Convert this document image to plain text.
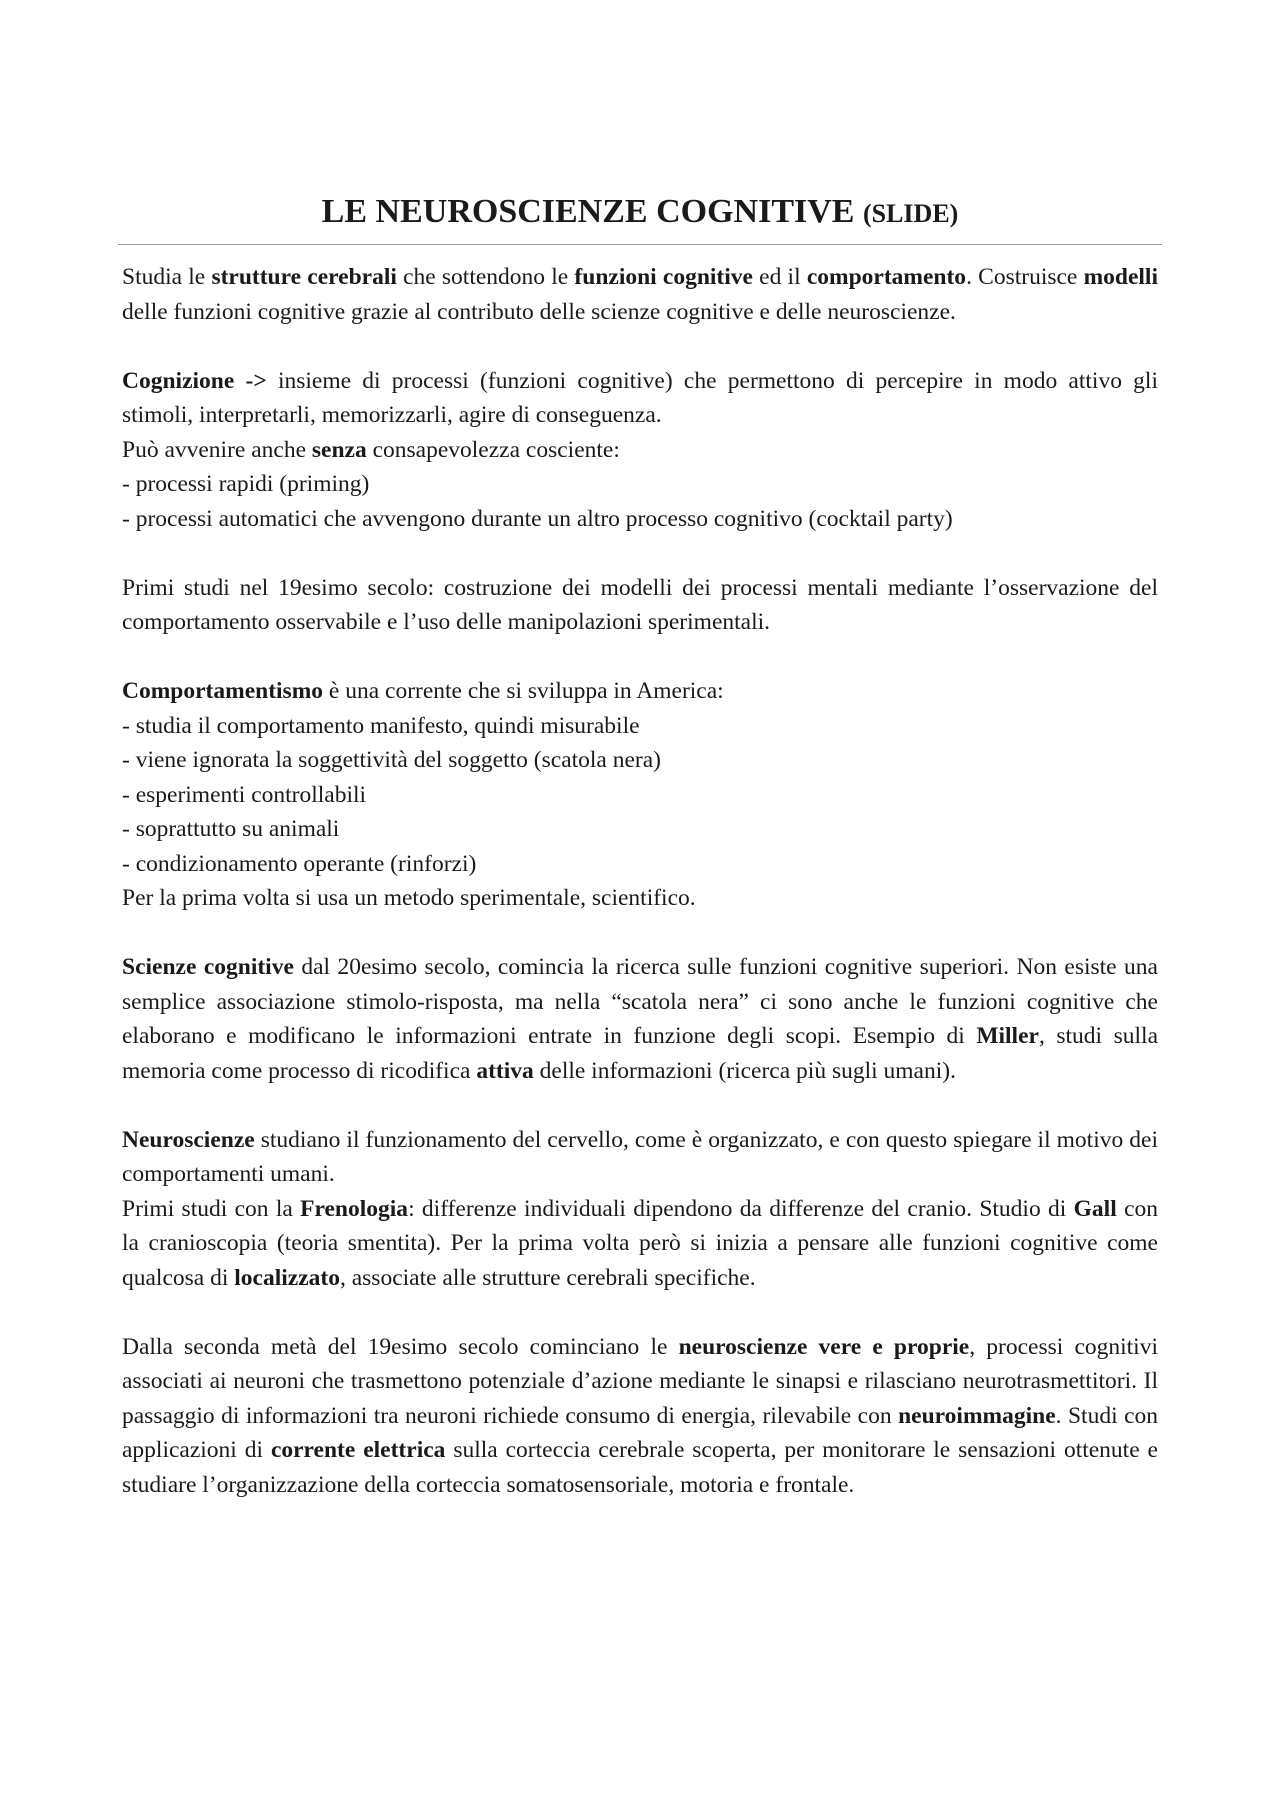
LE NEUROSCIENZE COGNITIVE (SLIDE)

Studia le strutture cerebrali che sottendono le funzioni cognitive ed il comportamento. Costruisce modelli delle funzioni cognitive grazie al contributo delle scienze cognitive e delle neuroscienze.

Cognizione -> insieme di processi (funzioni cognitive) che permettono di percepire in modo attivo gli stimoli, interpretarli, memorizzarli, agire di conseguenza.
Può avvenire anche senza consapevolezza cosciente:
- processi rapidi (priming)
- processi automatici che avvengono durante un altro processo cognitivo (cocktail party)

Primi studi nel 19esimo secolo: costruzione dei modelli dei processi mentali mediante l’osservazione del comportamento osservabile e l’uso delle manipolazioni sperimentali.

Comportamentismo è una corrente che si sviluppa in America:
- studia il comportamento manifesto, quindi misurabile
- viene ignorata la soggettività del soggetto (scatola nera)
- esperimenti controllabili
- soprattutto su animali
- condizionamento operante (rinforzi)
Per la prima volta si usa un metodo sperimentale, scientifico.

Scienze cognitive dal 20esimo secolo, comincia la ricerca sulle funzioni cognitive superiori. Non esiste una semplice associazione stimolo-risposta, ma nella “scatola nera” ci sono anche le funzioni cognitive che elaborano e modificano le informazioni entrate in funzione degli scopi. Esempio di Miller, studi sulla memoria come processo di ricodifica attiva delle informazioni (ricerca più sugli umani).

Neuroscienze studiano il funzionamento del cervello, come è organizzato, e con questo spiegare il motivo dei comportamenti umani.
Primi studi con la Frenologia: differenze individuali dipendono da differenze del cranio. Studio di Gall con la cranioscopia (teoria smentita). Per la prima volta però si inizia a pensare alle funzioni cognitive come qualcosa di localizzato, associate alle strutture cerebrali specifiche.

Dalla seconda metà del 19esimo secolo cominciano le neuroscienze vere e proprie, processi cognitivi associati ai neuroni che trasmettono potenziale d’azione mediante le sinapsi e rilasciano neurotrasmettitori. Il passaggio di informazioni tra neuroni richiede consumo di energia, rilevabile con neuroimmagine. Studi con applicazioni di corrente elettrica sulla corteccia cerebrale scoperta, per monitorare le sensazioni ottenute e studiare l’organizzazione della corteccia somatosensoriale, motoria e frontale.
